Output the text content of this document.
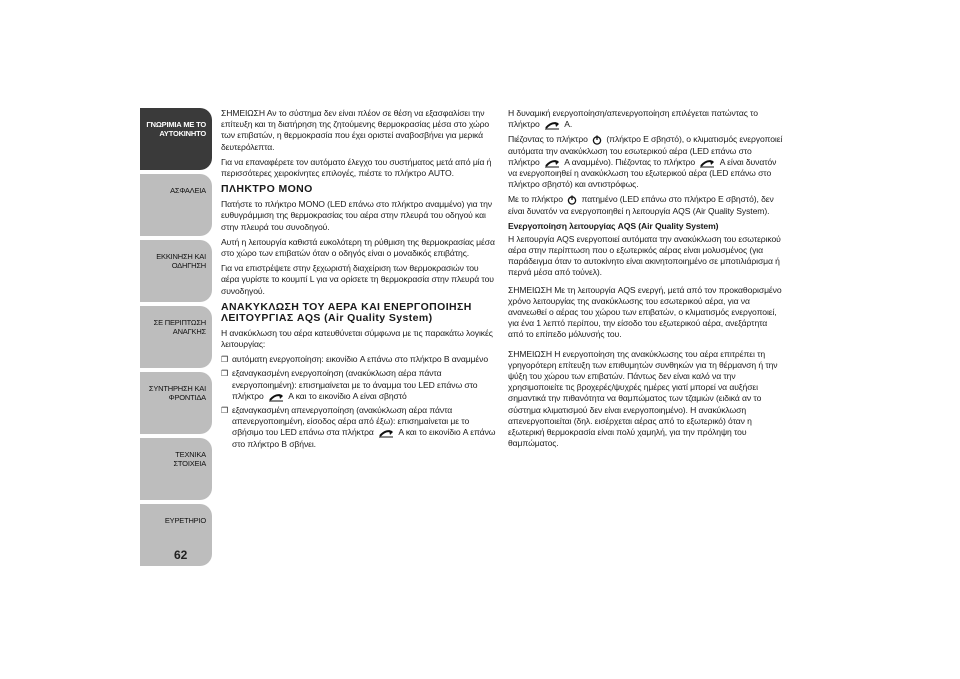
ΓΝΩΡΙΜΙΑ ΜΕ ΤΟ ΑΥΤΟΚΙΝΗΤΟ
ΑΣΦΑΛΕΙΑ
ΕΚΚΙΝΗΣΗ ΚΑΙ ΟΔΗΓΗΣΗ
ΣΕ ΠΕΡΙΠΤΩΣΗ ΑΝΑΓΚΗΣ
ΣΥΝΤΗΡΗΣΗ ΚΑΙ ΦΡΟΝΤΙΔΑ
ΤΕΧΝΙΚΑ ΣΤΟΙΧΕΙΑ
ΕΥΡΕΤΗΡΙΟ
62

ΣΗΜΕΙΩΣΗ Αν το σύστημα δεν είναι πλέον σε θέση να εξασφαλίσει την επίτευξη και τη διατήρηση της ζητούμενης θερμοκρασίας μέσα στο χώρο των επιβατών, η θερμοκρασία που έχει οριστεί αναβοσβήνει για μερικά δευτερόλεπτα.

Για να επαναφέρετε τον αυτόματο έλεγχο του συστήματος μετά από μία ή περισσότερες χειροκίνητες επιλογές, πιέστε το πλήκτρο AUTO.

ΠΛΗΚΤΡΟ MONO

Πατήστε το πλήκτρο MONO (LED επάνω στο πλήκτρο αναμμένο) για την ευθυγράμμιση της θερμοκρασίας του αέρα στην πλευρά του οδηγού και στην πλευρά του συνοδηγού.

Αυτή η λειτουργία καθιστά ευκολότερη τη ρύθμιση της θερμοκρασίας μέσα στο χώρο των επιβατών όταν ο οδηγός είναι ο μοναδικός επιβάτης.

Για να επιστρέψετε στην ξεχωριστή διαχείριση των θερμοκρασιών του αέρα γυρίστε το κουμπί L για να ορίσετε τη θερμοκρασία στην πλευρά του συνοδηγού.

ΑΝΑΚΥΚΛΩΣΗ ΤΟΥ ΑΕΡΑ ΚΑΙ ΕΝΕΡΓΟΠΟΙΗΣΗ ΛΕΙΤΟΥΡΓΙΑΣ AQS (Air Quality System)

Η ανακύκλωση του αέρα κατευθύνεται σύμφωνα με τις παρακάτω λογικές λειτουργίας:

❒ αυτόματη ενεργοποίηση: εικονίδιο A επάνω στο πλήκτρο B αναμμένο
❒ εξαναγκασμένη ενεργοποίηση (ανακύκλωση αέρα πάντα ενεργοποιημένη): επισημαίνεται με το άναμμα του LED επάνω στο πλήκτρο	A και το εικονίδιο A είναι σβηστό
❒ εξαναγκασμένη απενεργοποίηση (ανακύκλωση αέρα πάντα απενεργοποιημένη, είσοδος αέρα από έξω): επισημαίνεται με το σβήσιμο του LED επάνω στα πλήκτρα	A και το εικονίδιο A επάνω στο πλήκτρο B σβήνει.

Η δυναμική ενεργοποίηση/απενεργοποίηση επιλέγεται πατώντας το πλήκτρο	A.

Πιέζοντας το πλήκτρο (πλήκτρο E σβηστό), ο κλιματισμός ενεργοποιεί αυτόματα την ανακύκλωση του εσωτερικού αέρα (LED επάνω στο πλήκτρο	A αναμμένο). Πιέζοντας το πλήκτρο	A είναι δυνατόν να ενεργοποιηθεί η ανακύκλωση του εξωτερικού αέρα (LED επάνω στο πλήκτρο σβηστό) και αντιστρόφως.

Με το πλήκτρο πατημένο (LED επάνω στο πλήκτρο E σβηστό), δεν είναι δυνατόν να ενεργοποιηθεί η λειτουργία AQS (Air Quality System).

Ενεργοποίηση λειτουργίας AQS (Air Quality System)

Η λειτουργία AQS ενεργοποιεί αυτόματα την ανακύκλωση του εσωτερικού αέρα στην περίπτωση που ο εξωτερικός αέρας είναι μολυσμένος (για παράδειγμα όταν το αυτοκίνητο είναι ακινητοποιημένο σε μποτιλιάρισμα ή περνά μέσα από τούνελ).

ΣΗΜΕΙΩΣΗ Με τη λειτουργία AQS ενεργή, μετά από τον προκαθορισμένο χρόνο λειτουργίας της ανακύκλωσης του εσωτερικού αέρα, για να ανανεωθεί ο αέρας του χώρου των επιβατών, ο κλιματισμός ενεργοποιεί, για ένα 1 λεπτό περίπου, την είσοδο του εξωτερικού αέρα, ανεξάρτητα από το επίπεδο μόλυνσής του.

ΣΗΜΕΙΩΣΗ Η ενεργοποίηση της ανακύκλωσης του αέρα επιτρέπει τη γρηγορότερη επίτευξη των επιθυμητών συνθηκών για τη θέρμανση ή την ψύξη του χώρου των επιβατών. Πάντως δεν είναι καλό να την χρησιμοποιείτε τις βροχερές/ψυχρές ημέρες γιατί μπορεί να αυξήσει σημαντικά την πιθανότητα να θαμπώματος των τζαμιών (ειδικά αν το σύστημα κλιματισμού δεν είναι ενεργοποιημένο). Η ανακύκλωση απενεργοποιείται (δηλ. εισέρχεται αέρας από το εξωτερικό) όταν η εξωτερική θερμοκρασία είναι πολύ χαμηλή, για την πρόληψη του θαμπώματος.
